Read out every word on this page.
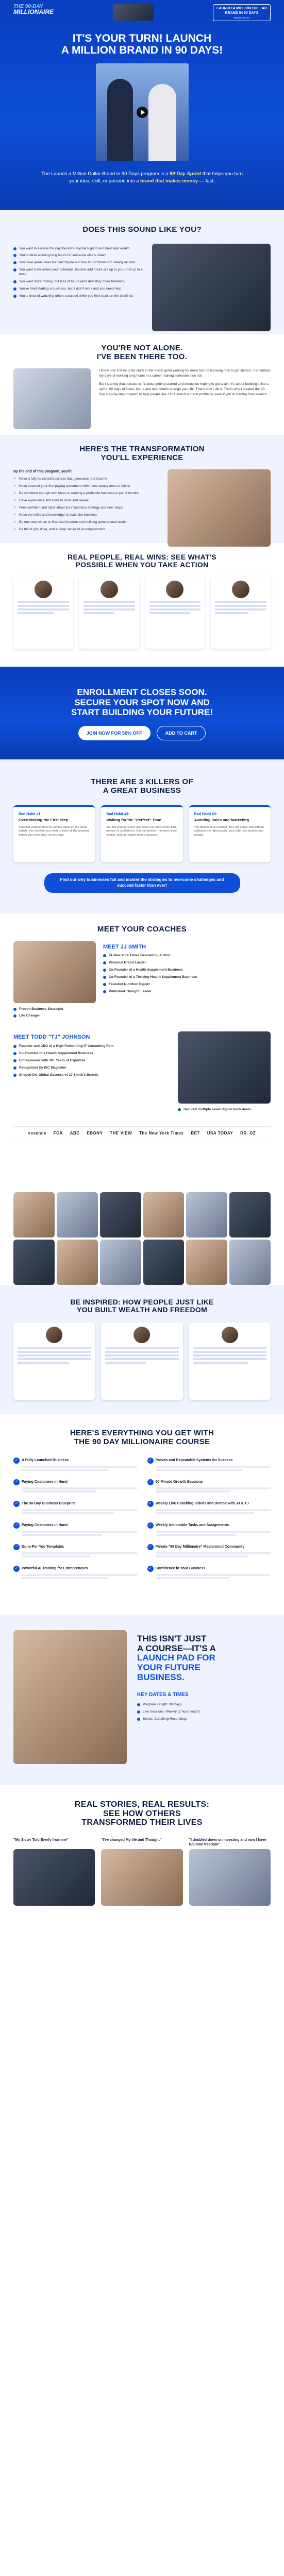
THE 90-DAY
MILLIONAIRE	LAUNCH A MILLION DOLLAR
BRAND IN 90 DAYS
PRESENTED BY
IT'S YOUR TURN! LAUNCH
A MILLION BRAND IN 90 DAYS!

The Launch a Million Dollar Brand in 90 Days program is a 90-Day Sprint that helps you turn your idea, skill, or passion into a brand that makes money — fast.

DOES THIS SOUND LIKE YOU?
You want to escape the paycheck-to-paycheck grind and build real wealth
You're done working long hours for someone else's dream
You have great ideas but can't figure out how to turn them into steady income
You want a life where your schedule, income and future are up to you—not up to a boss
You want more money, but less of hours (and definitely more freedom)
You've tried starting a business, but it didn't work and you need help
You're tired of watching others succeed while you feel stuck on the sidelines
YOU'RE NOT ALONE.
I'VE BEEN THERE TOO.

I know how it feels to be stuck in the 9-to-5 grind working for more but not knowing how to get started. I remember my days of working long hours in a career making someone else rich.

But I learned that success isn't about getting started and disruption hoping to get a win. It's about building it like a sprint. 90 days of focus, hours and momentum change your life. That's how I did it. That's why I created the 90-Day step-by-step program to help people like YOU launch a brand profitably, even if you're starting from scratch.

HERE'S THE TRANSFORMATION
YOU'LL EXPERIENCE

By the end of this program, you'll:

✓ Have a fully launched business that generates real income
✓ Have secured your first paying customers with more steady ones to follow
✓ Be confident enough with ideas to running a profitable business in just 3 months
✓ Have experience and tools to rinse and repeat
✓ Feel confident and clear about your business strategy and next steps
✓ Have the skills and knowledge to scale the business
✓ Be one step closer to financial freedom and building generational wealth
✓ Be full of grit, drive, and a deep sense of accomplishment
REAL PEOPLE, REAL WINS: SEE WHAT'S
POSSIBLE WHEN YOU TAKE ACTION
ENROLLMENT CLOSES SOON.
SECURE YOUR SPOT NOW AND
START BUILDING YOUR FUTURE!
JOIN NOW FOR 50% OFF	ADD TO CART
THERE ARE 3 KILLERS OF
A GREAT BUSINESS
Bad Habit #1:
Overthinking the First Step

You hold yourself back by getting stuck on the small details. You feel like you need to have all the answers before you even start, so you stall.

Bad Habit #2:
Waiting for the "Perfect" Time

You tell yourself you'll start when you have more time, money, or confidence. But the 'perfect' moment never comes, and you watch others succeed.

Bad Habit #3:
Avoiding Sales and Marketing

You believe if you build it, they will come. But without selling to the right people, your offer sits unseen and unsold.

Find out why businesses fail and master the strategies to overcome challenges and succeed faster than ever!
MEET YOUR COACHES
Proven Business Strategist
Life Changer
MEET JJ SMITH
#1 New York Times Bestselling Author
Personal Brand Leader
Co-Founder of a Health Supplement Business
Co-Founder of a Thriving Health Supplement Business
Featured Nutrition Expert
Published Thought Leader
MEET TODD "TJ" JOHNSON
Founder and CEO of a High-Performing IT Consulting Firm
Co-Founder of a Health Supplement Business
Entrepreneur with 30+ Years of Expertise
Recognized by INC Magazine
Shaped the Global Success of JJ Smith's Brands
Secured multiple seven-figure book deals
essence FOX ABC EBONY THE VIEW The New York Times BET USA TODAY DR. OZ
BE INSPIRED: HOW PEOPLE JUST LIKE
YOU BUILT WEALTH AND FREEDOM
HERE'S EVERYTHING YOU GET WITH
THE 90 DAY MILLIONAIRE COURSE
✓ A Fully Launched Business
✓ Paying Customers in Hand
✓ The 90-Day Business Blueprint
✓ Paying Customers in Hand
✓ Done-For-You Templates
✓ Powerful AI Training for Entrepreneurs
✓ Proven and Repeatable Systems for Success
✓ 90-Minute Growth Sessions
✓ Weekly Live Coaching Videos and Demos with JJ & TJ
✓ Weekly Actionable Tasks and Assignments
✓ Private "90 Day Millionaire" Mastermind Community
✓ Confidence in Your Business
THIS ISN'T JUST
A COURSE—IT'S A
LAUNCH PAD FOR
YOUR FUTURE
BUSINESS.
KEY DATES & TIMES
Program Length: 90 Days
Live Sessions: Weekly (2 hours each)
Bonus: Coaching Recordings
REAL STORIES, REAL RESULTS:
SEE HOW OTHERS
TRANSFORMED THEIR LIVES
"My Sister Told Everly from me"	"I've changed My life and Thought"	"I doubled down on investing and now I have full-time freedom"
